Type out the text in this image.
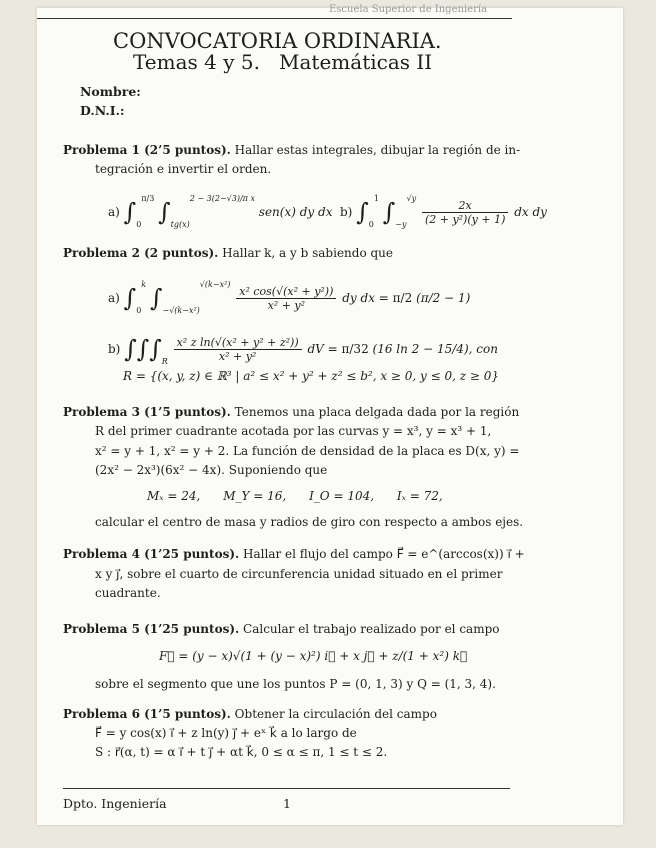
Escuela Superior de Ingeniería
CONVOCATORIA ORDINARIA.
Temas 4 y 5.   Matemáticas II
Nombre:
D.N.I.:
Problema 1 (2’5 puntos). Hallar estas integrales, dibujar la región de in-
tegración e invertir el orden.
a) $\int_0^{\pi/3}$ $\int_{tg(x)}^{2 - 3(2-√3)/\pi x}$ sen(x) dy dx b) $\int_0^1$ $\int_{-y}^{√y}$
$\frac{2x}{\text{(2 + y²)(y + 1)}}$ dx dy
Problema 2 (2 puntos). Hallar k, a y b sabiendo que
a) $\int_0^k$ $\int_{-√(k-x^2)}^{√(k-x^2)}$
$\frac{\text{x² cos(√(x² + y²))}}{\text{x² + y²}}$ dy dx = π/2 (π/2 − 1)
b) $\int\int\int_R \frac{\text{x² z ln(√(x² + y² + z²))}}{\text{x² + y²}}$ dV = π/32 (16 ln 2 − 15/4), con
R = {(x, y, z) ∈ ℝ³ | a² ≤ x² + y² + z² ≤ b², x ≥ 0, y ≤ 0, z ≥ 0}
Problema 3 (1’5 puntos). Tenemos una placa delgada dada por la región
R del primer cuadrante acotada por las curvas y = x³, y = x³ + 1,
x² = y + 1, x² = y + 2. La función de densidad de la placa es D(x, y) =
(2x² − 2x³)(6x² − 4x). Suponiendo que
Mₓ = 24,      M_Y = 16,      I_O = 104,      Iₓ = 72,
calcular el centro de masa y radios de giro con respecto a ambos ejes.
Problema 4 (1’25 puntos). Hallar el flujo del campo F⃗ = e^(arccos(x)) i⃗ +
x y j⃗, sobre el cuarto de circunferencia unidad situado en el primer
cuadrante.
Problema 5 (1’25 puntos). Calcular el trabajo realizado por el campo
F⃗ = (y − x)√(1 + (y − x)²) i⃗ + x j⃗ + z/(1 + x²) k⃗
sobre el segmento que une los puntos P = (0, 1, 3) y Q = (1, 3, 4).
Problema 6 (1’5 puntos). Obtener la circulación del campo
F⃗ = y cos(x) i⃗ + z ln(y) j⃗ + eˣ k⃗ a lo largo de
S : r⃗(α, t) = α i⃗ + t j⃗ + αt k⃗, 0 ≤ α ≤ π, 1 ≤ t ≤ 2.
Dpto. Ingeniería	1
